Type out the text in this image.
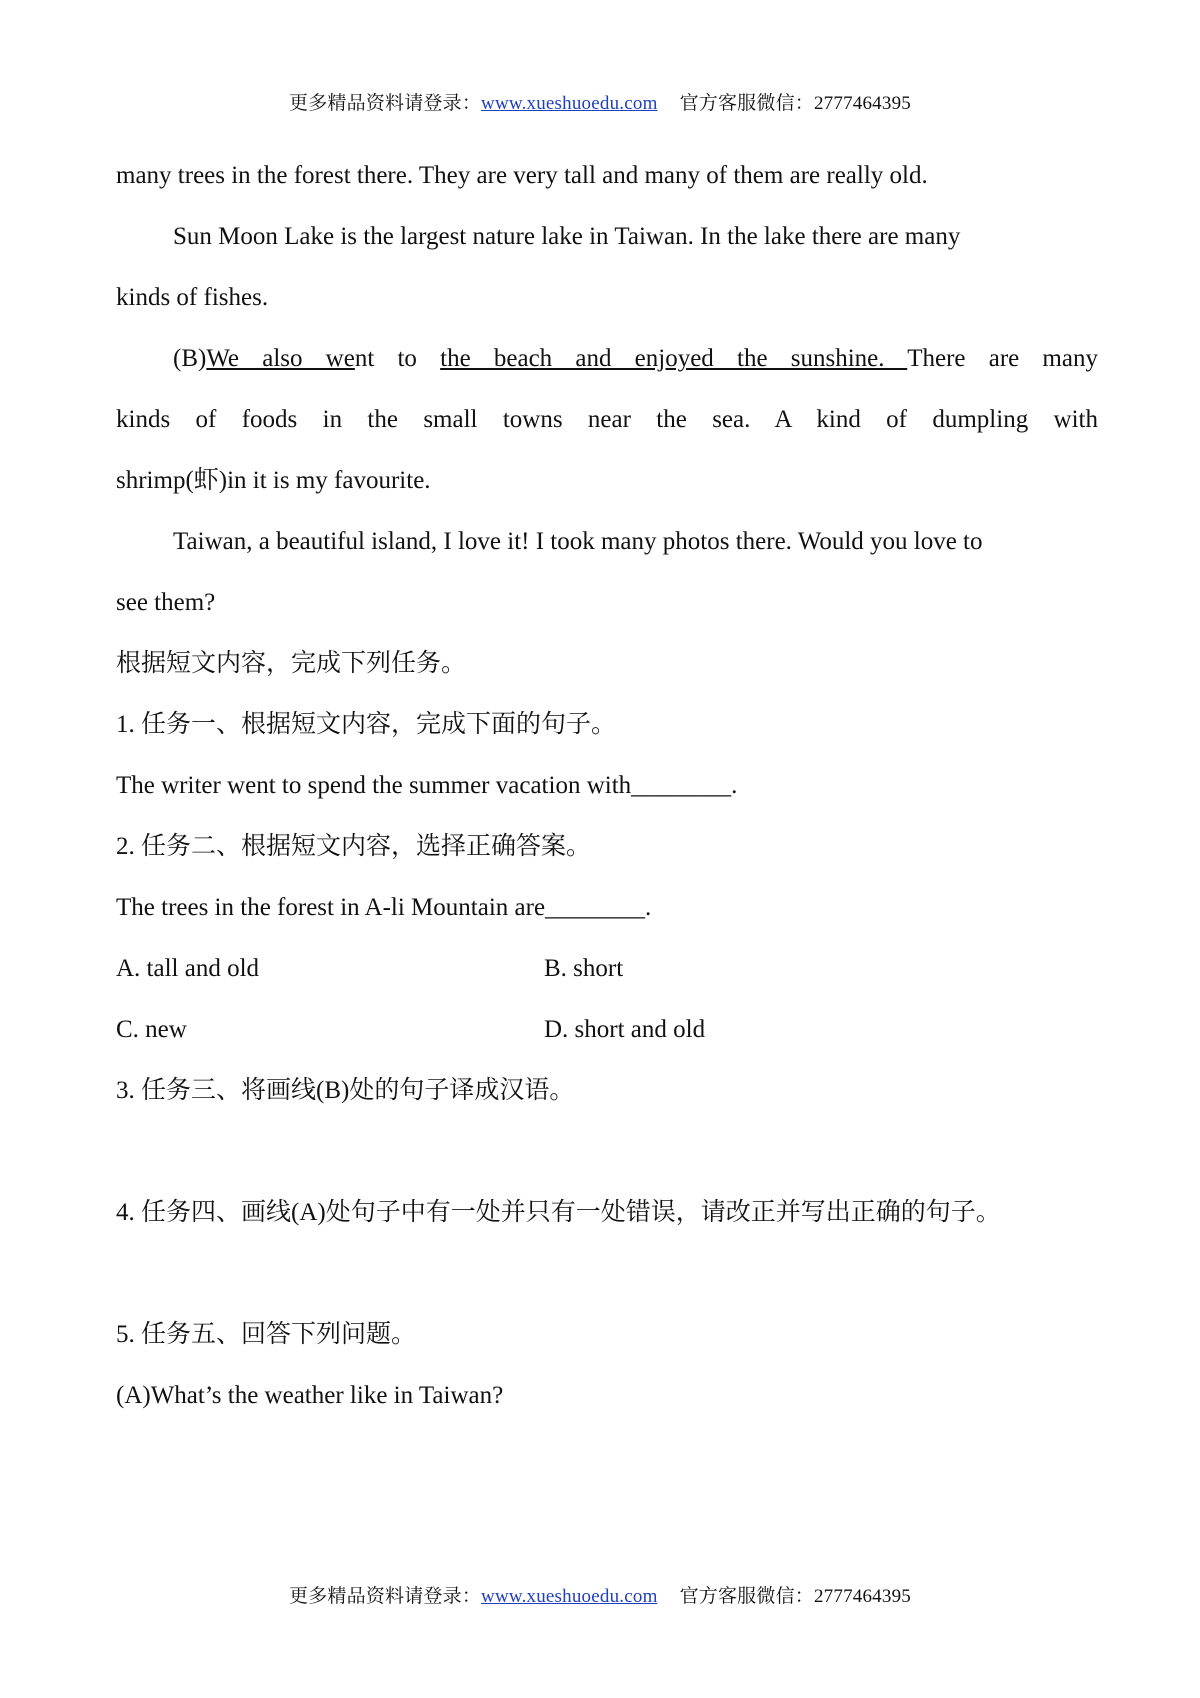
更多精品资料请登录：www.xueshuoedu.com 官方客服微信：2777464395
many trees in the forest there. They are very tall and many of them are really old.
Sun Moon Lake is the largest nature lake in Taiwan. In the lake there are many
kinds of fishes.
(B)We also went to the beach and enjoyed the sunshine. There are many
kinds of foods in the small towns near the sea. A kind of dumpling with
shrimp(虾)in it is my favourite.
Taiwan, a beautiful island, I love it! I took many photos there. Would you love to
see them?
根据短文内容，完成下列任务。
1. 任务一、根据短文内容，完成下面的句子。
The writer went to spend the summer vacation with________.
2. 任务二、根据短文内容，选择正确答案。
The trees in the forest in A-li Mountain are________.
A. tall and old	B. short
C. new	D. short and old
3. 任务三、将画线(B)处的句子译成汉语。
4. 任务四、画线(A)处句子中有一处并只有一处错误，请改正并写出正确的句子。
5. 任务五、回答下列问题。
(A)What’s the weather like in Taiwan?
更多精品资料请登录：www.xueshuoedu.com 官方客服微信：2777464395
